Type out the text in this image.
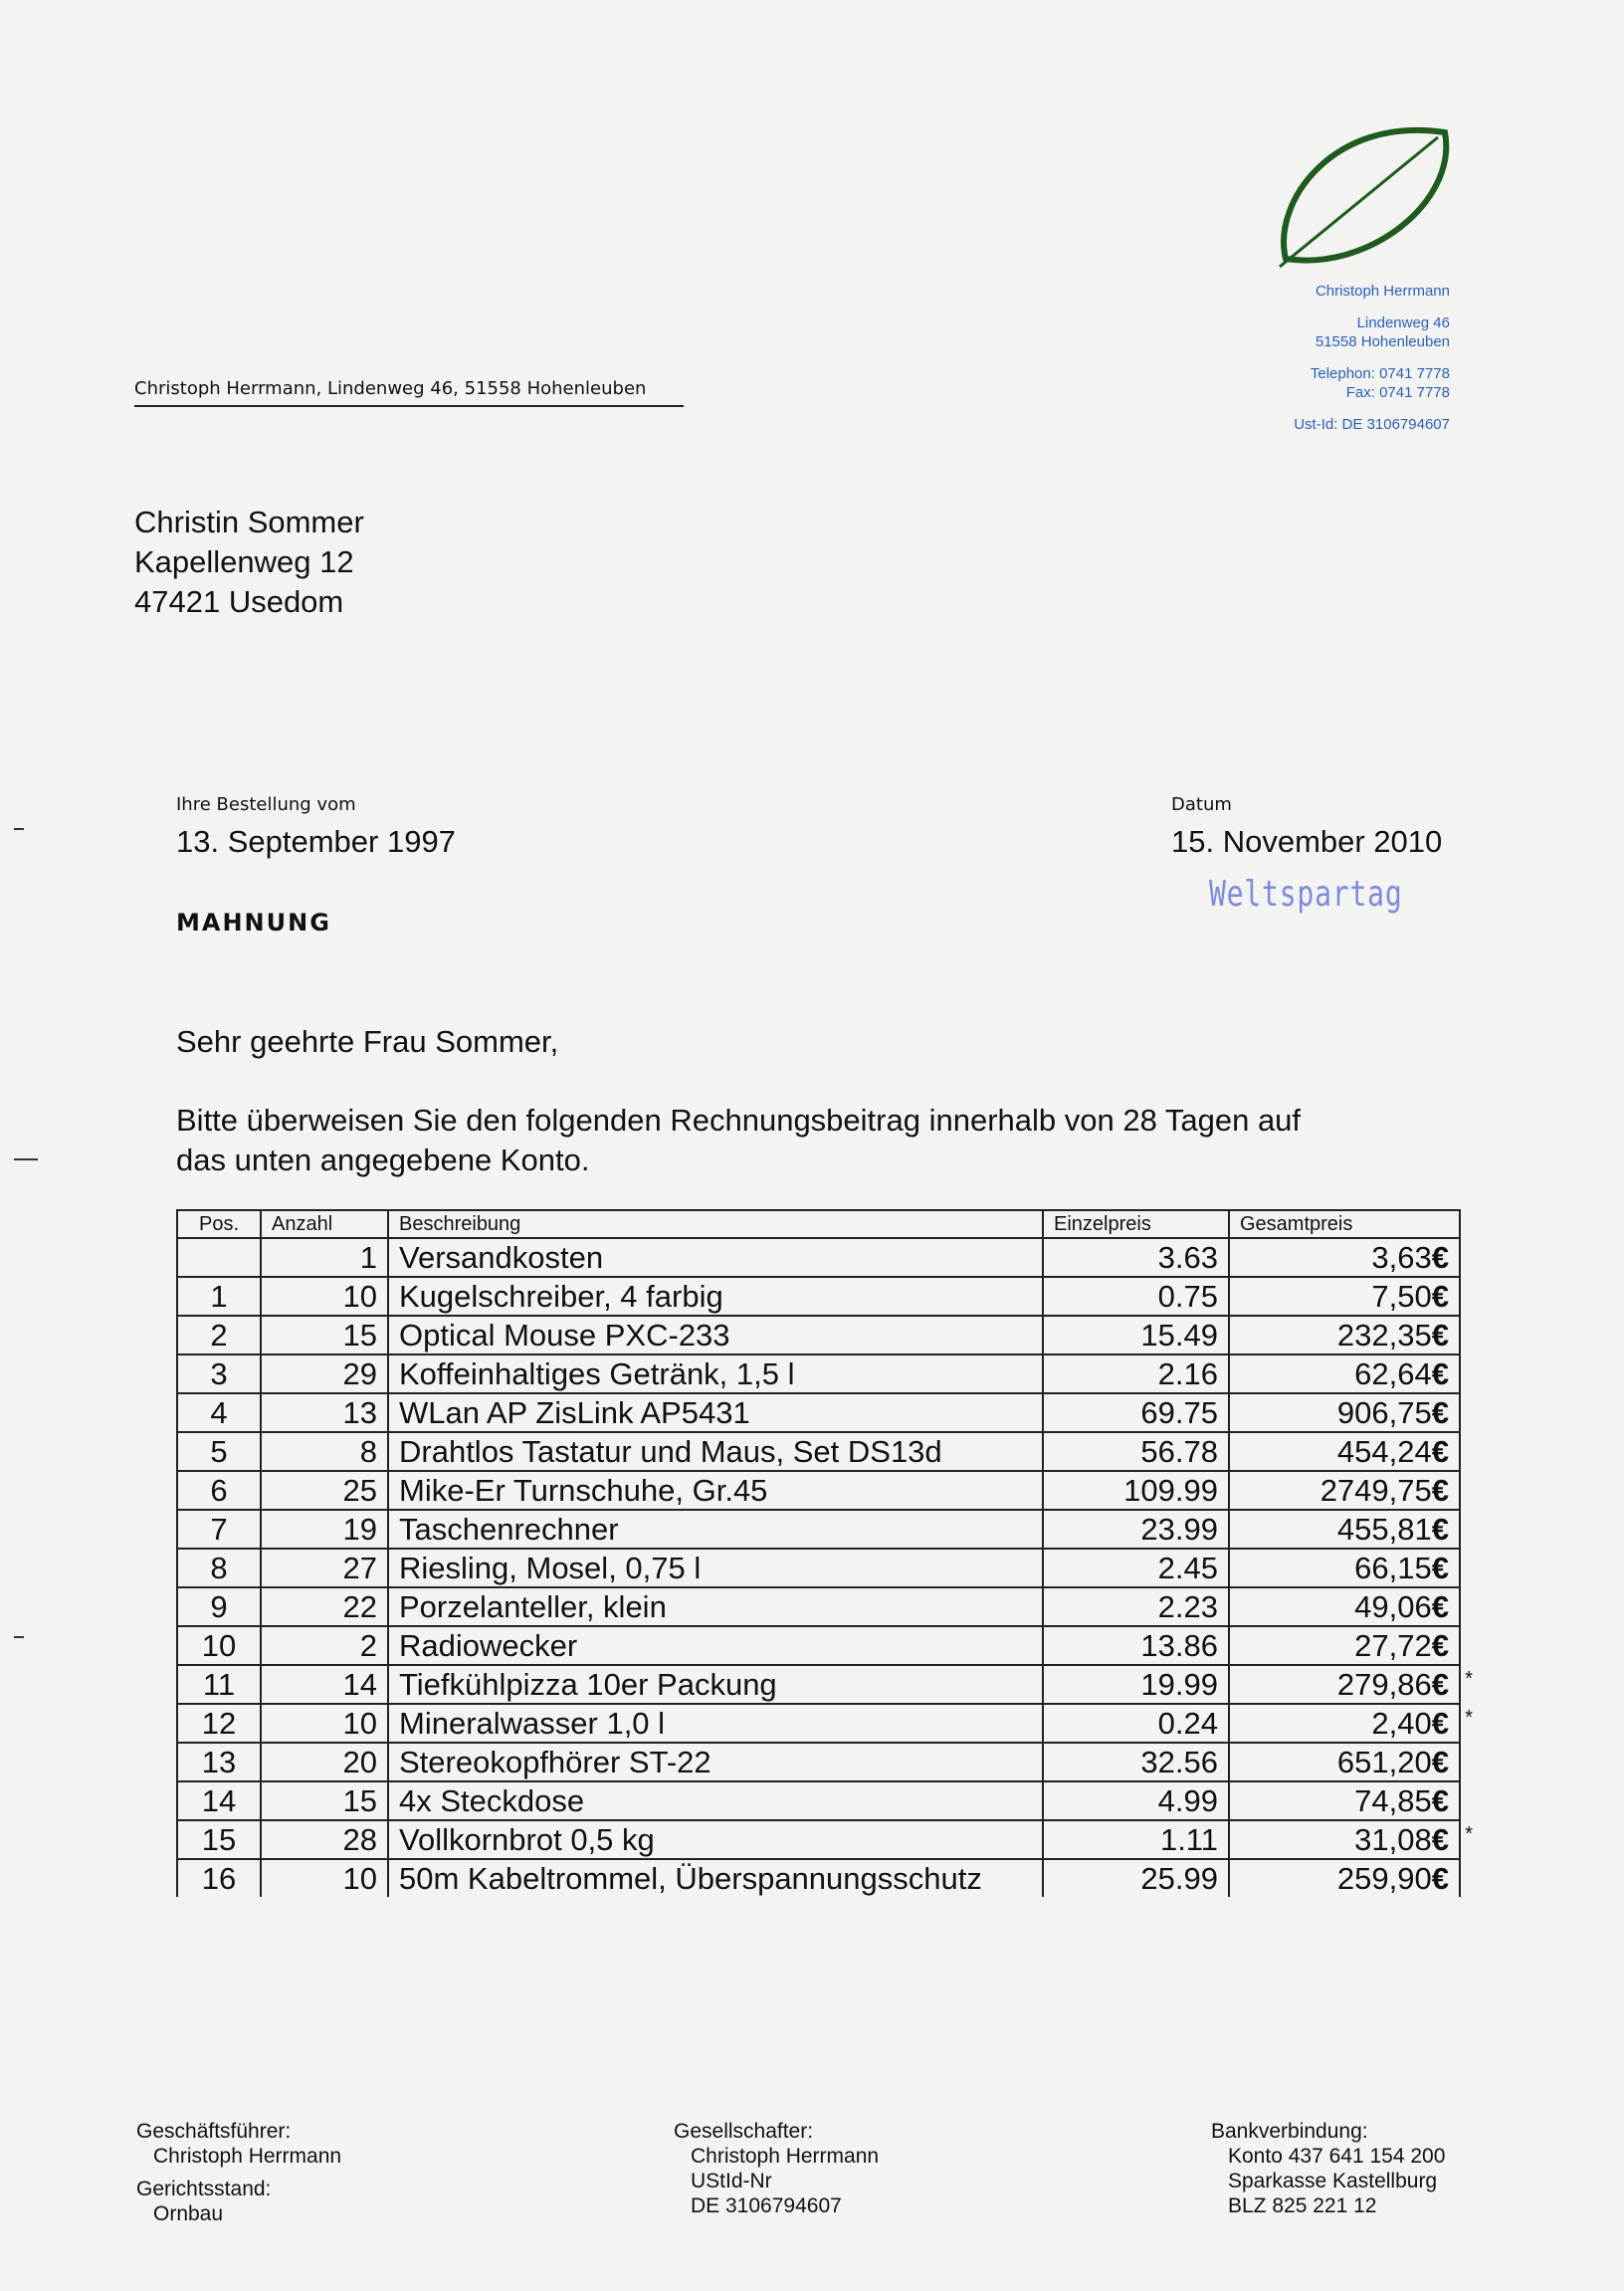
Christoph Herrmann
Lindenweg 46
51558 Hohenleuben
Telephon: 0741 7778
Fax: 0741 7778
Ust-Id: DE 3106794607
Christoph Herrmann, Lindenweg 46, 51558 Hohenleuben
Christin Sommer
Kapellenweg 12
47421 Usedom
Ihre Bestellung vom
13. September 1997
Datum
15. November 2010
Weltspartag
MAHNUNG
Sehr geehrte Frau Sommer,
Bitte überweisen Sie den folgenden Rechnungsbeitrag innerhalb von 28 Tagen auf
das unten angegebene Konto.
Pos.	Anzahl	Beschreibung	Einzelpreis	Gesamtpreis
	1	Versandkosten	3.63	3,63€
1	10	Kugelschreiber, 4 farbig	0.75	7,50€
2	15	Optical Mouse PXC-233	15.49	232,35€
3	29	Koffeinhaltiges Getränk, 1,5 l	2.16	62,64€
4	13	WLan AP ZisLink AP5431	69.75	906,75€
5	8	Drahtlos Tastatur und Maus, Set DS13d	56.78	454,24€
6	25	Mike-Er Turnschuhe, Gr.45	109.99	2749,75€
7	19	Taschenrechner	23.99	455,81€
8	27	Riesling, Mosel, 0,75 l	2.45	66,15€
9	22	Porzelanteller, klein	2.23	49,06€
10	2	Radiowecker	13.86	27,72€
11	14	Tiefkühlpizza 10er Packung	19.99	279,86€ *

12	10	Mineralwasser 1,0 l	0.24	2,40€ *

13	20	Stereokopfhörer ST-22	32.56	651,20€
14	15	4x Steckdose	4.99	74,85€
15	28	Vollkornbrot 0,5 kg	1.11	31,08€ *

16	10	50m Kabeltrommel, Überspannungsschutz	25.99	259,90€
Geschäftsführer:
Christoph Herrmann
Gerichtsstand:
Ornbau
Gesellschafter:
Christoph Herrmann
UStId-Nr
DE 3106794607
Bankverbindung:
Konto 437 641 154 200
Sparkasse Kastellburg
BLZ 825 221 12
